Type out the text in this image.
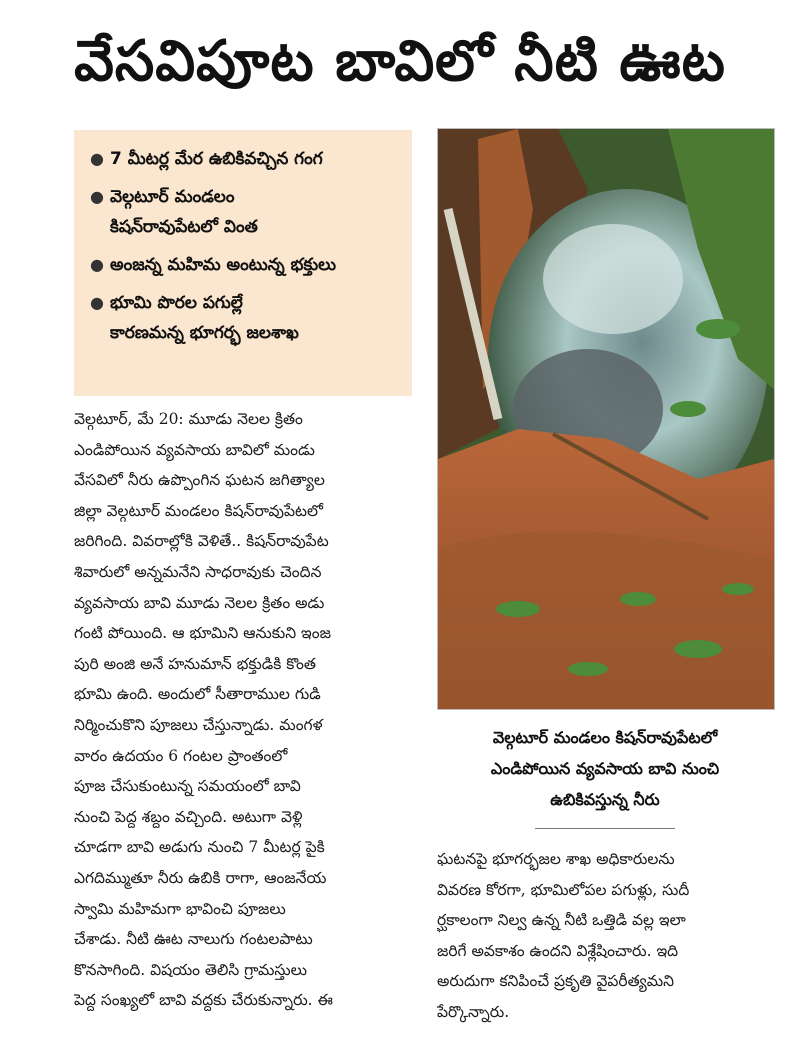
వేసవిపూట బావిలో నీటి ఊట
● 7 మీటర్ల మేర ఉబికివచ్చిన గంగ
● వెల్గటూర్ మండలం
కిషన్‌రావుపేటలో వింత
● అంజన్న మహిమ అంటున్న భక్తులు
● భూమి పొరల పగుల్లే
కారణమన్న భూగర్భ జలశాఖ
వెల్గటూర్ మండలం కిషన్‌రావుపేటలో
ఎండిపోయిన వ్యవసాయ బావి నుంచి
ఉబికివస్తున్న నీరు
వెల్గటూర్, మే 20: మూడు నెలల క్రితం
ఎండిపోయిన వ్యవసాయ బావిలో మండు
వేసవిలో నీరు ఉప్పొంగిన ఘటన జగిత్యాల
జిల్లా వెల్గటూర్ మండలం కిషన్‌రావుపేటలో
జరిగింది. వివరాల్లోకి వెళితే.. కిషన్‌రావుపేట
శివారులో అన్నమనేని సాధరావుకు చెందిన
వ్యవసాయ బావి మూడు నెలల క్రితం అడు
గంటి పోయింది. ఆ భూమిని ఆనుకుని ఇంజ
పురి అంజి అనే హనుమాన్ భక్తుడికి కొంత
భూమి ఉంది. అందులో సీతారాముల గుడి
నిర్మించుకొని పూజలు చేస్తున్నాడు. మంగళ
వారం ఉదయం 6 గంటల ప్రాంతంలో
పూజ చేసుకుంటున్న సమయంలో బావి
నుంచి పెద్ద శబ్దం వచ్చింది. అటుగా వెళ్లి
చూడగా బావి అడుగు నుంచి 7 మీటర్ల పైకి
ఎగదిమ్ముతూ నీరు ఉబికి రాగా, ఆంజనేయ
స్వామి మహిమగా భావించి పూజలు
చేశాడు. నీటి ఊట నాలుగు గంటలపాటు
కొనసాగింది. విషయం తెలిసి గ్రామస్తులు
పెద్ద సంఖ్యలో బావి వద్దకు చేరుకున్నారు. ఈ
ఘటనపై భూగర్భజల శాఖ అధికారులను
వివరణ కోరగా, భూమిలోపల పగుళ్లు, సుదీ
ర్ఘకాలంగా నిల్వ ఉన్న నీటి ఒత్తిడి వల్ల ఇలా
జరిగే అవకాశం ఉందని విశ్లేషించారు. ఇది
అరుదుగా కనిపించే ప్రకృతి వైపరీత్యమని
పేర్కొన్నారు.
